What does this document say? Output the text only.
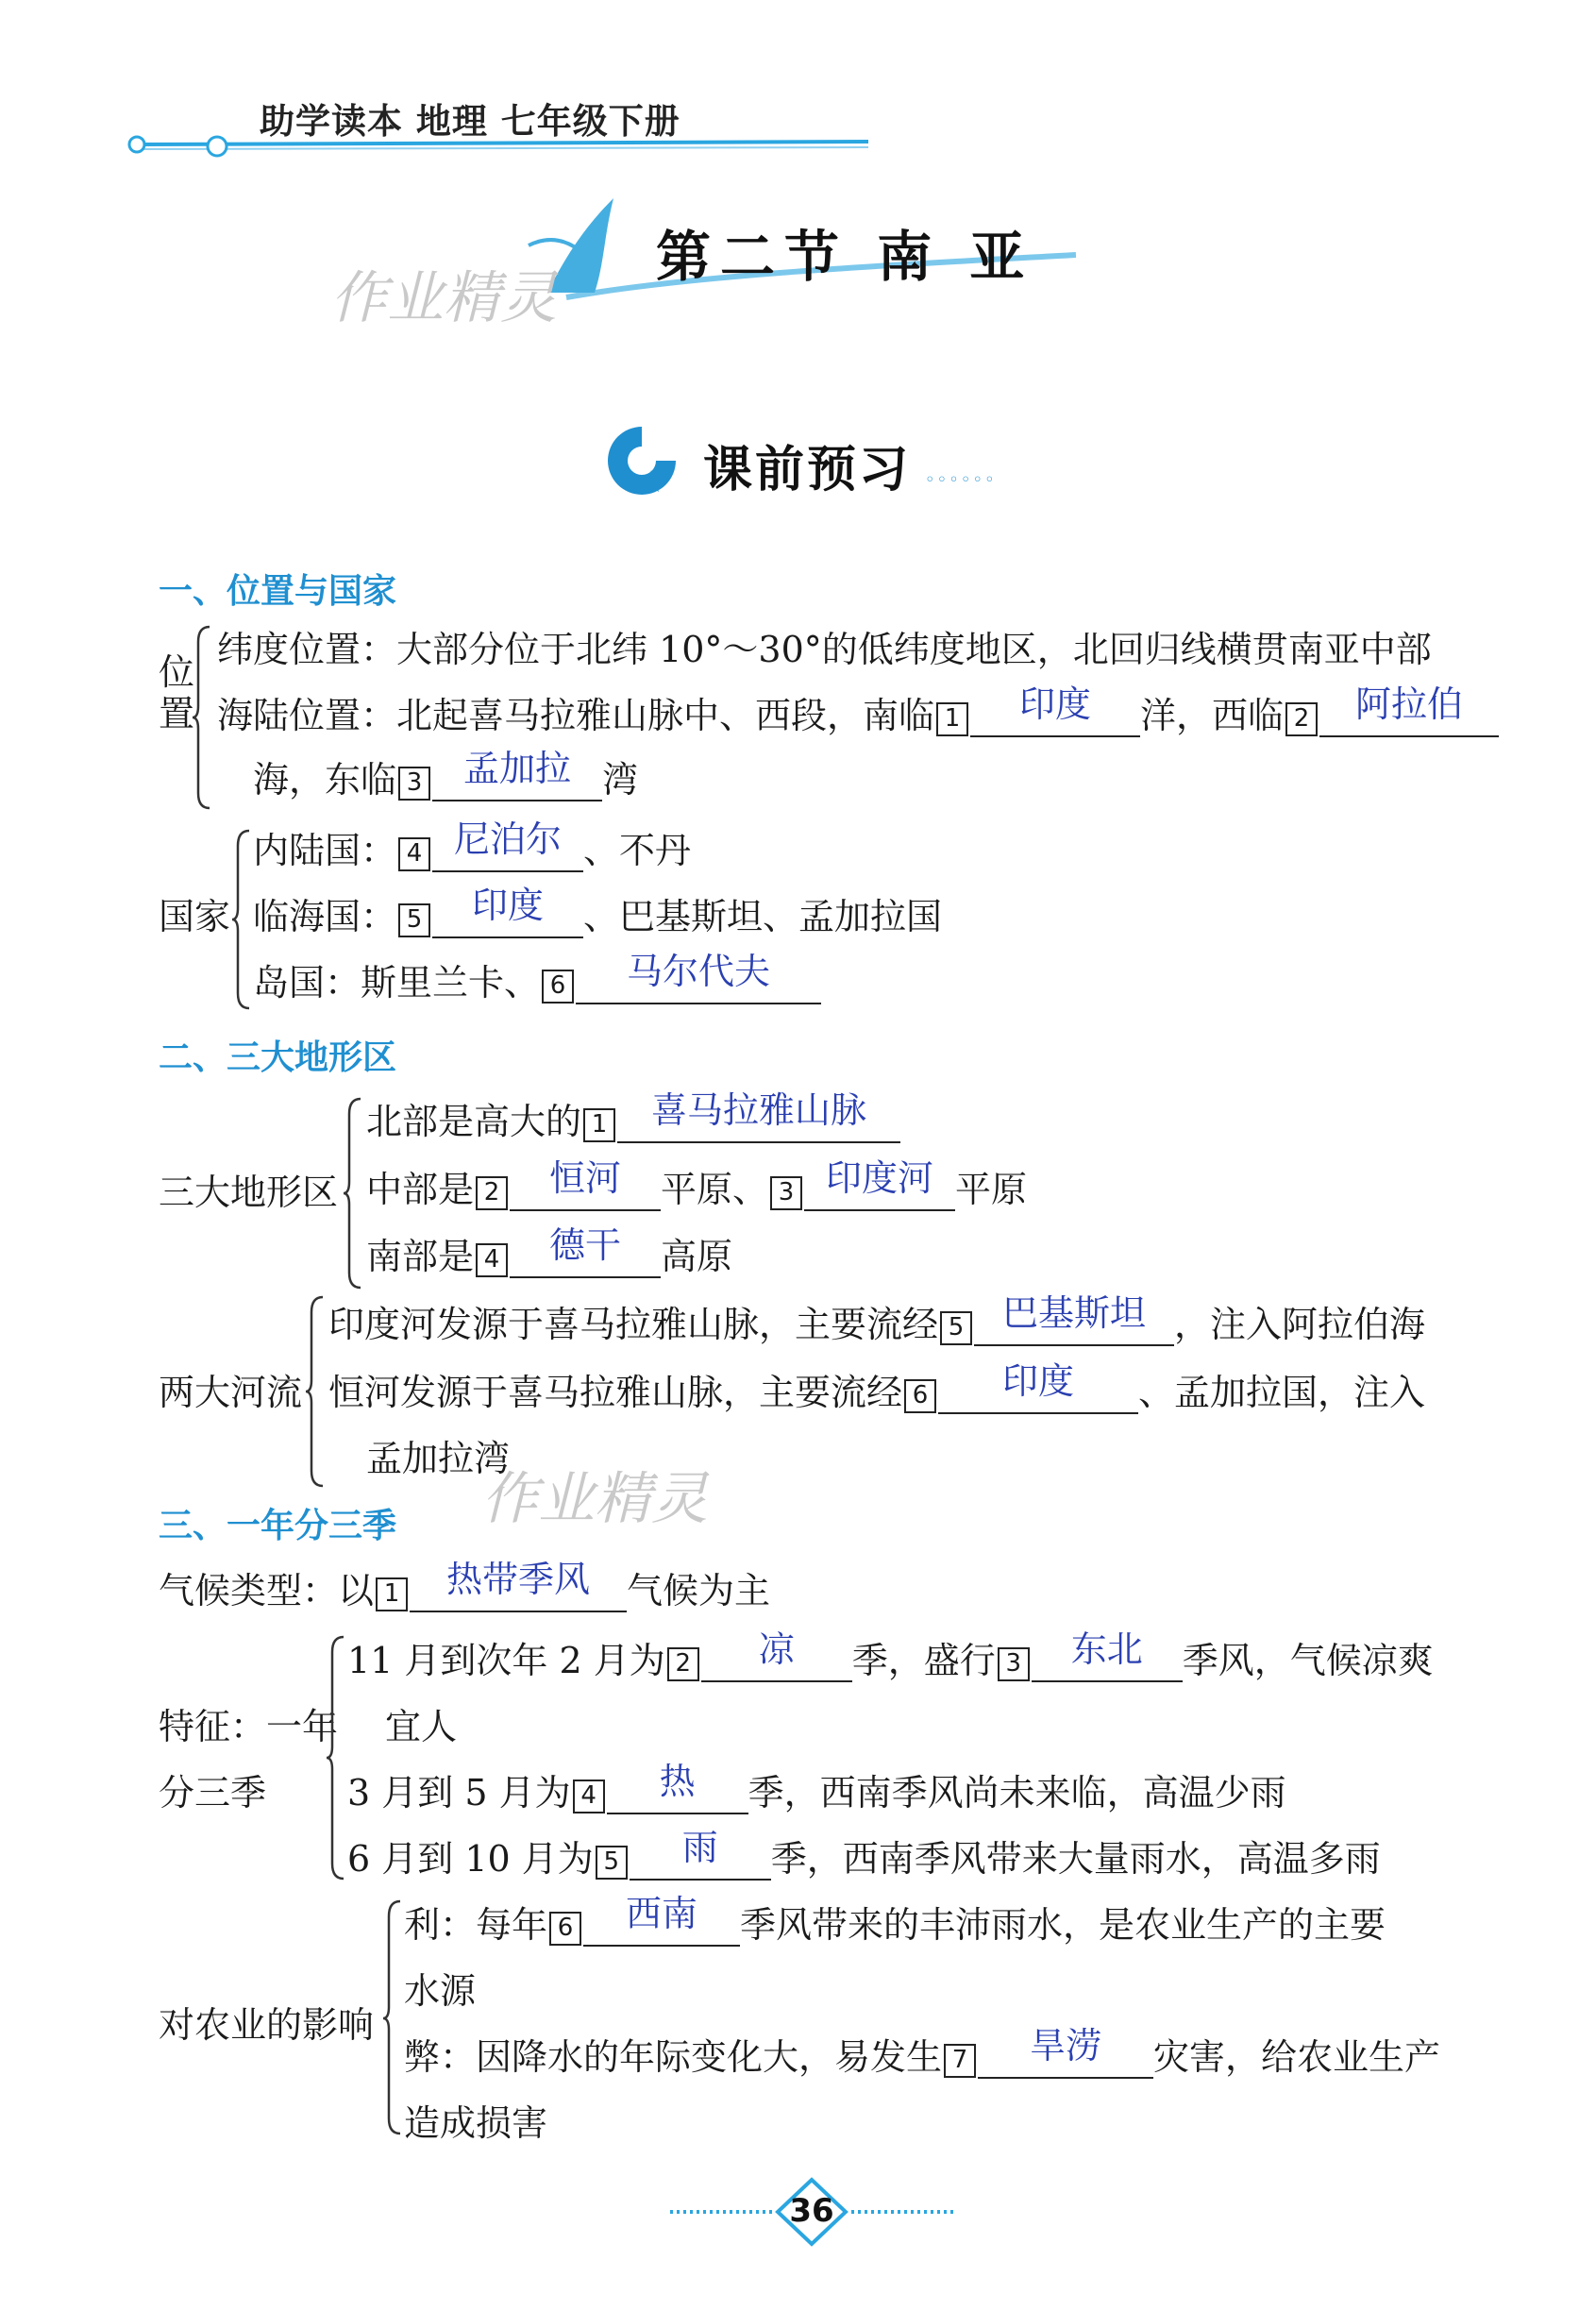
助学读本 地理 七年级下册
第二节 南 亚
作业精灵
课前预习 ◦◦◦◦◦◦
一、位置与国家
位置
纬度位置：大部分位于北纬 10°～30°的低纬度地区，北回归线横贯南亚中部
海陆位置：北起喜马拉雅山脉中、西段，南临 1	印度	洋，西临 2	阿拉伯
海，东临 3	孟加拉 湾
国家
内陆国： 4 尼泊尔 、不丹
临海国： 5	印度	、巴基斯坦、孟加拉国
岛国：斯里兰卡、 6	马尔代夫
二、三大地形区
三大地形区
北部是高大的 1	喜马拉雅山脉
中部是 2	恒河	平原、 3 印度河 平原
南部是 4	德干	高原
两大河流
印度河发源于喜马拉雅山脉，主要流经 5	巴基斯坦 ，注入阿拉伯海
恒河发源于喜马拉雅山脉，主要流经 6	印度	、孟加拉国，注入
孟加拉湾
三、一年分三季 作业精灵
气候类型：以 1	热带季风	气候为主
特征：一年
分三季
11 月到次年 2 月为 2	凉	季，盛行 3	东北	季风，气候凉爽
宜人
3 月到 5 月为 4	热	季，西南季风尚未来临，高温少雨
6 月到 10 月为 5	雨	季，西南季风带来大量雨水，高温多雨
对农业的影响
利：每年 6	西南	季风带来的丰沛雨水，是农业生产的主要
水源
弊：因降水的年际变化大，易发生 7	旱涝	灾害，给农业生产
造成损害
36
